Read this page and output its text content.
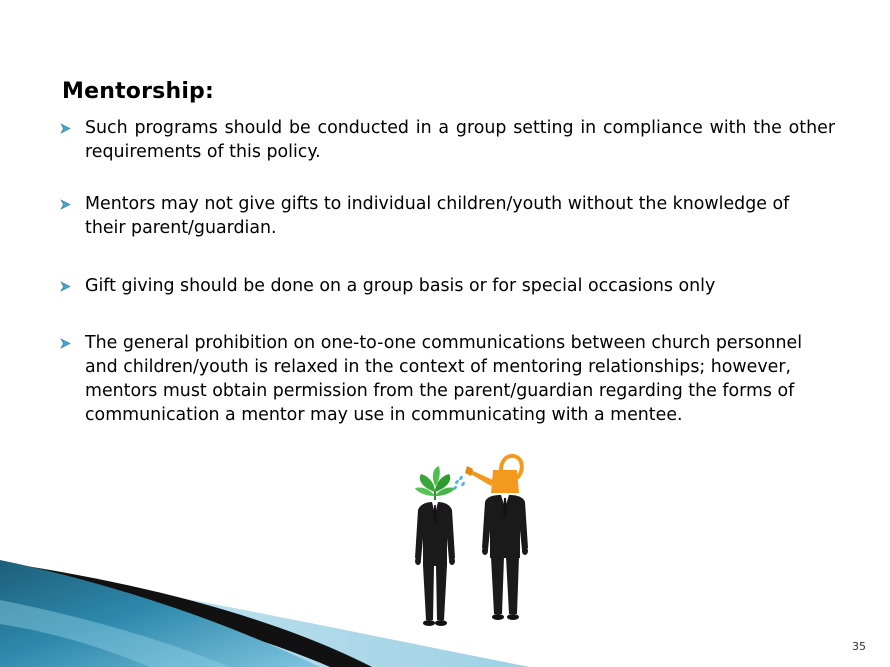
Mentorship:
Such programs should be conducted in a group setting in compliance with the other requirements of this policy.
Mentors may not give gifts to individual children/youth without the knowledge of their parent/guardian.
Gift giving should be done on a group basis or for special occasions only
The general prohibition on one-to-one communications between church personnel and children/youth is relaxed in the context of mentoring relationships; however, mentors must obtain permission from the parent/guardian regarding the forms of communication a mentor may use in communicating with a mentee.
35
